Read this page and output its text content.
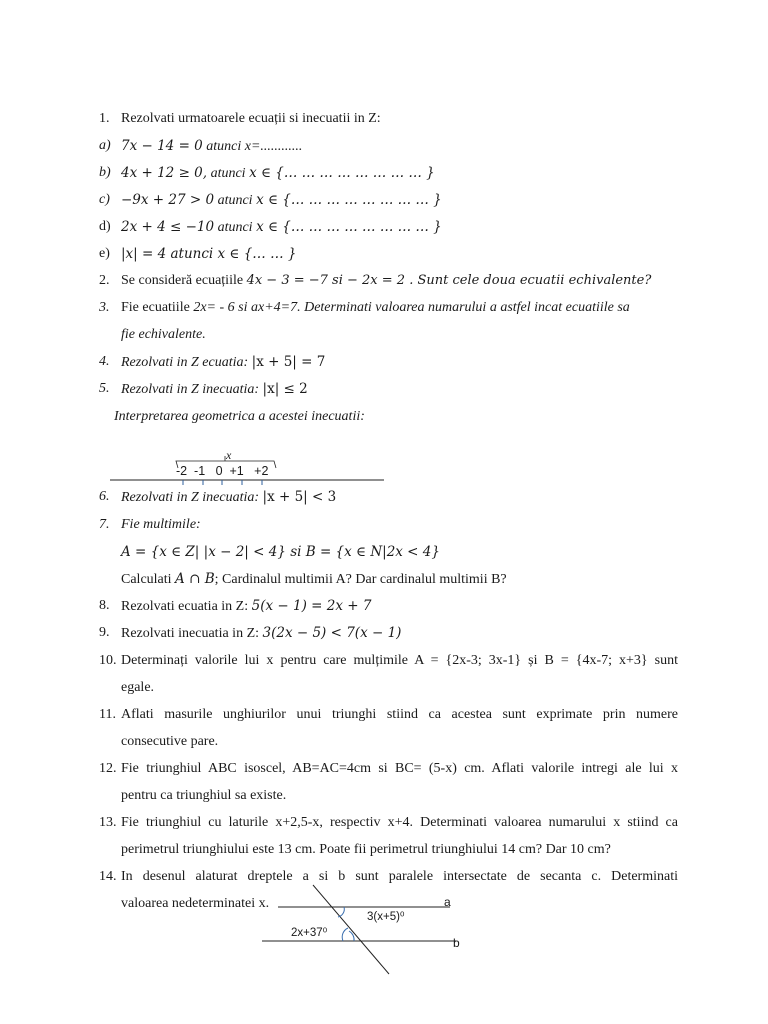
1. Rezolvati urmatoarele ecuații si inecuatii in Z:
a) 7x − 14 = 0 atunci x=............
b) 4x + 12 ≥ 0, atunci x ∈ {… … … … … … … … }
c) −9x + 27 > 0 atunci x ∈ {… … … … … … … … }
d) 2x + 4 ≤ −10 atunci x ∈ {… … … … … … … … }
e) |x| = 4 atunci x ∈ {… … }
2. Se consideră ecuațiile 4x − 3 = −7 si − 2x = 2 . Sunt cele doua ecuatii echivalente?
3. Fie ecuatiile 2x= - 6 si ax+4=7. Determinati valoarea numarului a astfel incat ecuatiile sa
fie echivalente.
4. Rezolvati in Z ecuatia: |x + 5| = 7
5. Rezolvati in Z inecuatia: |x| ≤ 2
Interpretarea geometrica a acestei inecuatii:
x
-2  -1   0  +1   +2
6. Rezolvati in Z inecuatia: |x + 5| < 3
7. Fie multimile:
A = {x ∈ Z| |x − 2| < 4} si B = {x ∈ N|2x < 4}
Calculati A ∩ B; Cardinalul multimii A? Dar cardinalul multimii B?
8. Rezolvati ecuatia in Z: 5(x − 1) = 2x + 7
9. Rezolvati inecuatia in Z: 3(2x − 5) < 7(x − 1)
10. Determinați valorile lui x pentru care mulțimile A = {2x-3; 3x-1} și B = {4x-7; x+3} sunt
egale.
11. Aflati masurile unghiurilor unui triunghi stiind ca acestea sunt exprimate prin numere
consecutive pare.
12. Fie triunghiul ABC isoscel, AB=AC=4cm si BC= (5-x) cm. Aflati valorile intregi ale lui x
pentru ca triunghiul sa existe.
13. Fie triunghiul cu laturile x+2,5-x, respectiv x+4. Determinati valoarea numarului x stiind ca
perimetrul triunghiului este 13 cm. Poate fii perimetrul triunghiului 14 cm? Dar 10 cm?
14. In desenul alaturat dreptele a si b sunt paralele intersectate de secanta c. Determinati
valoarea nedeterminatei x.	a
b
3(x+5)⁰
2x+37⁰
